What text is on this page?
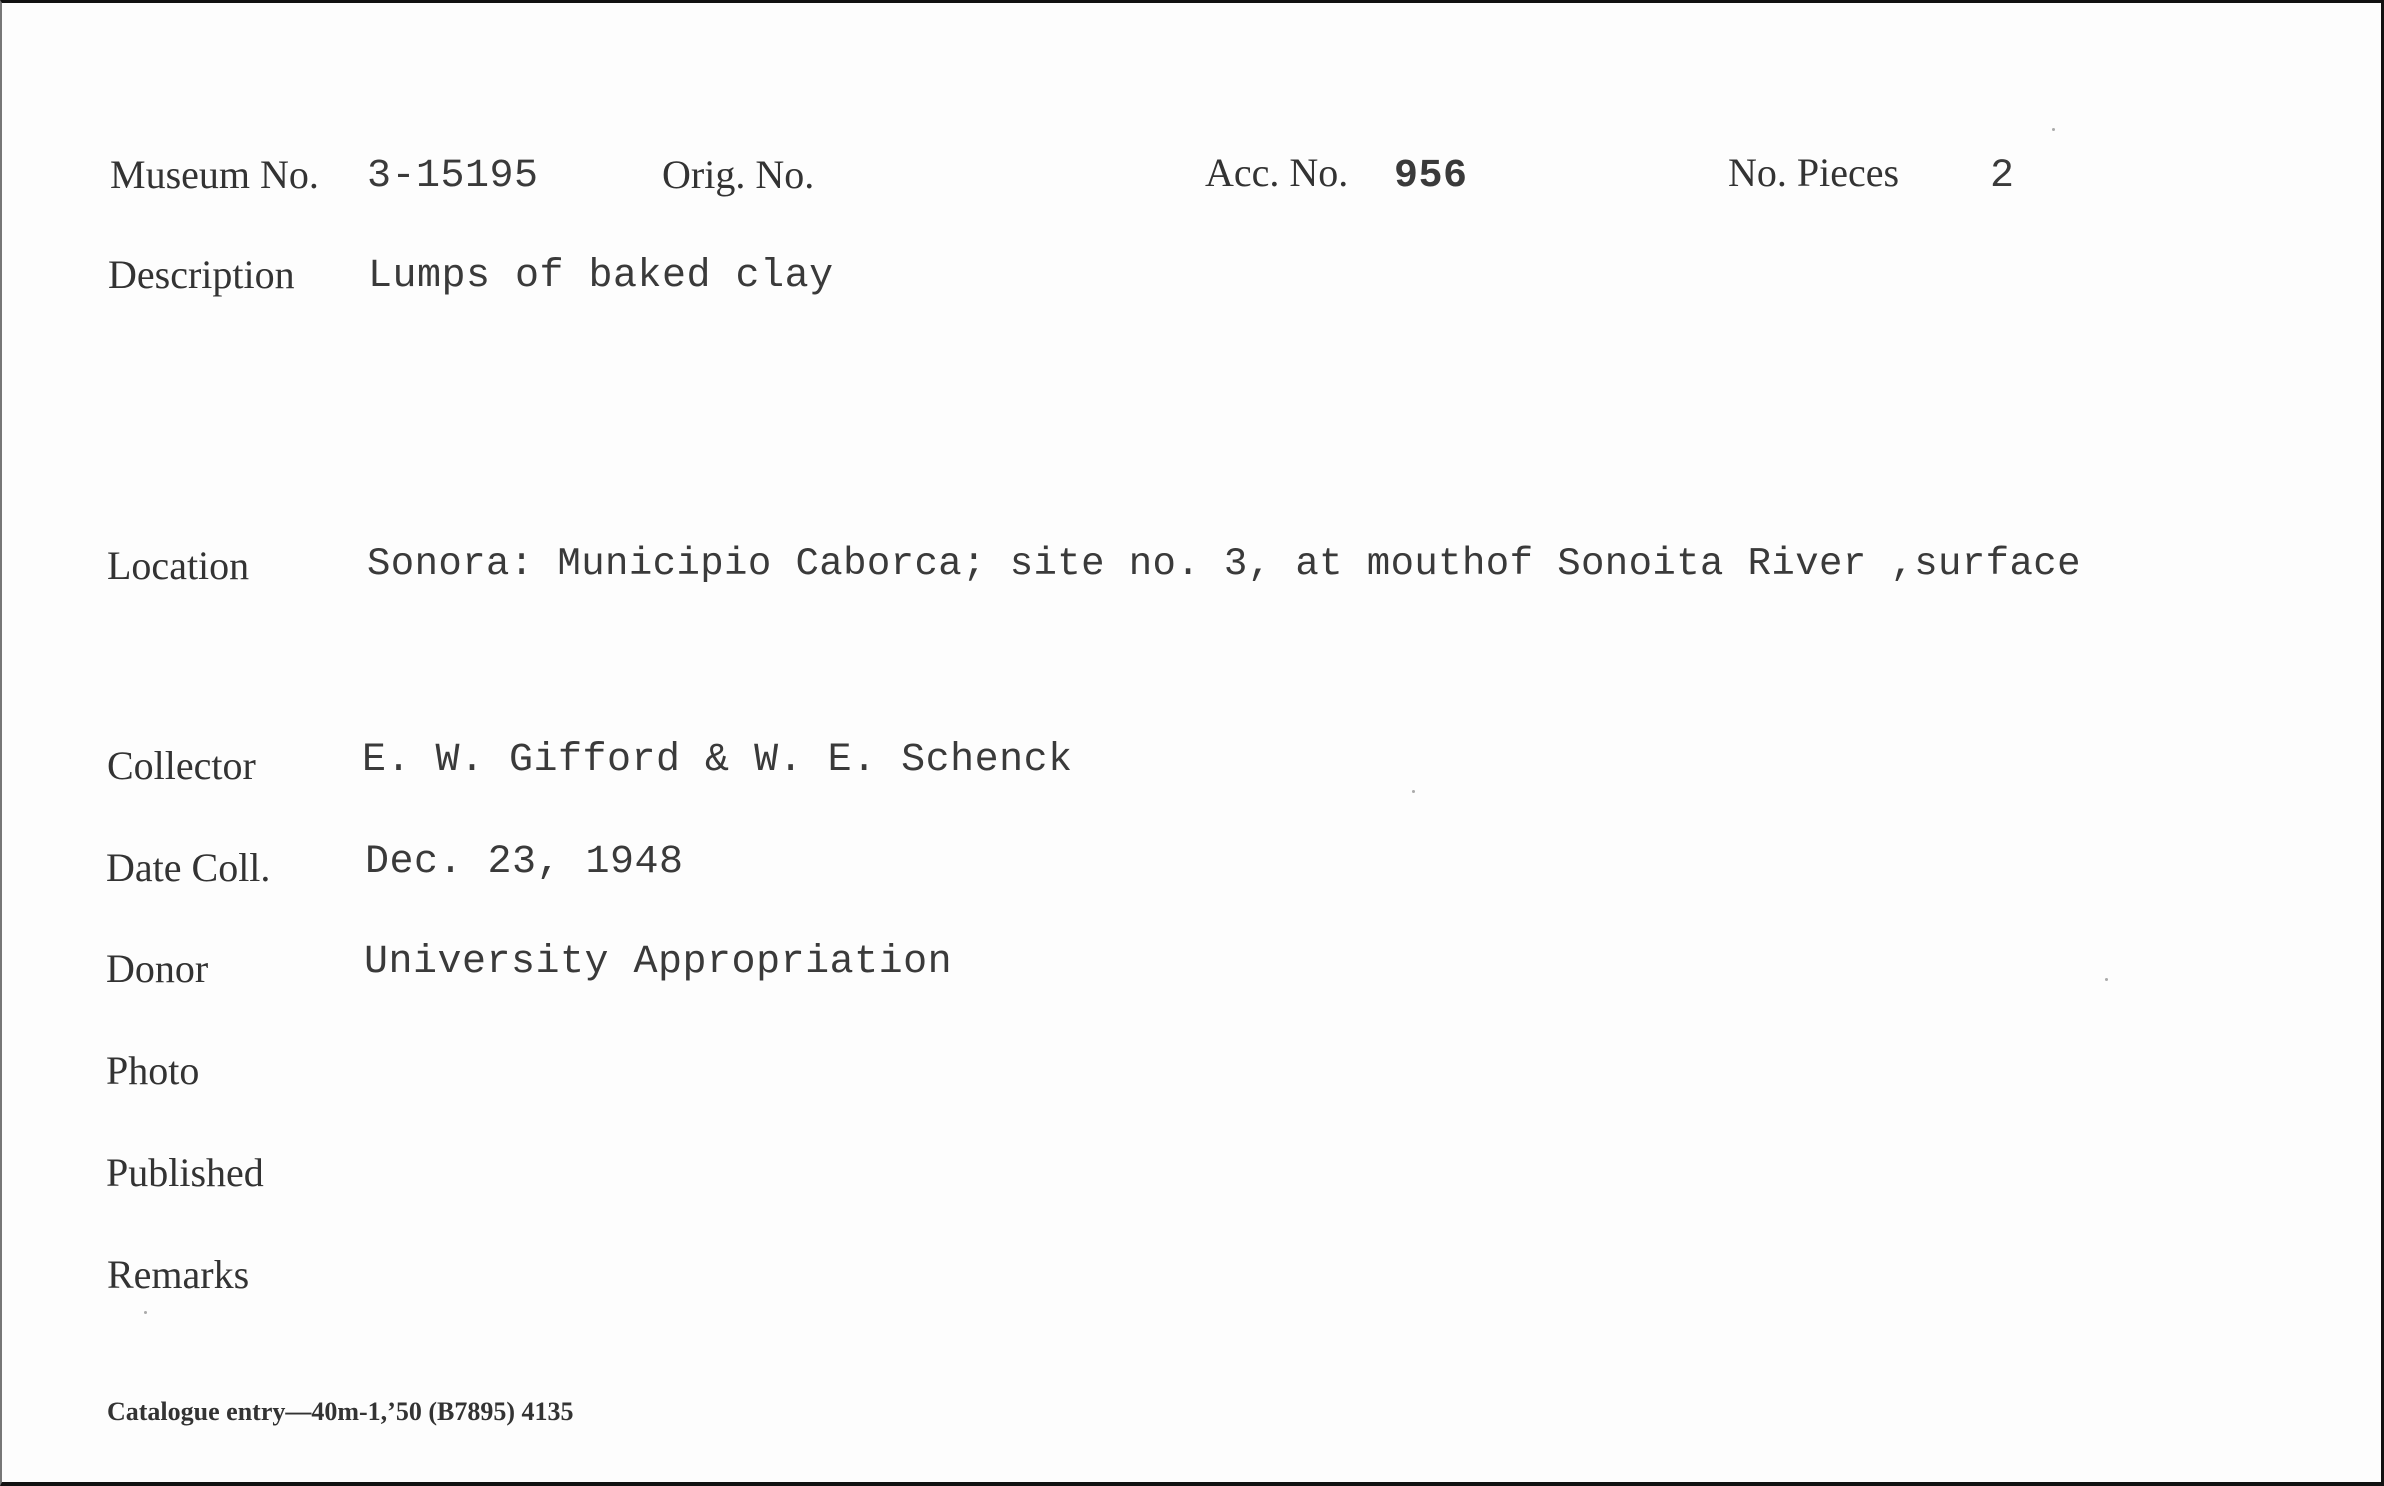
Museum No. 3-15195	Orig. No.	Acc. No. 956	No. Pieces 2
Description Lumps of baked clay
Location	Sonora: Municipio Caborca; site no. 3, at mouthof Sonoita River ,surface
Collector	E. W. Gifford & W. E. Schenck
Date Coll. Dec. 23, 1948
Donor	University Appropriation
Photo
Published
Remarks
Catalogue entry—40m-1,’50 (B7895) 4135
